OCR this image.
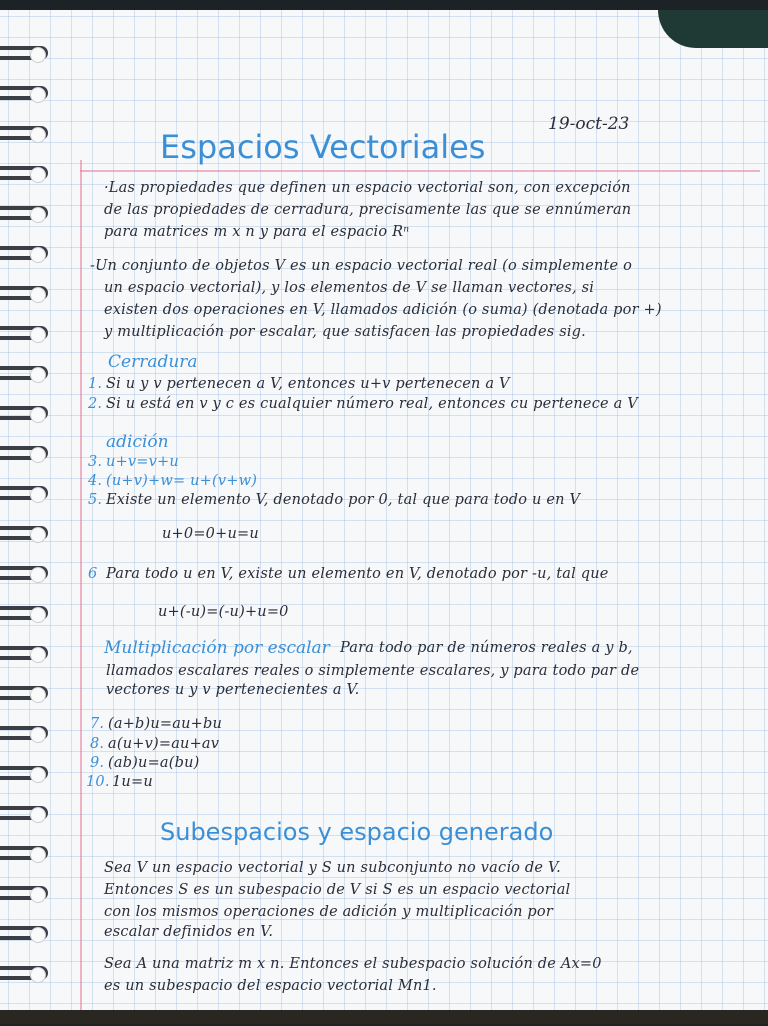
19-oct-23
Espacios Vectoriales
·Las propiedades que definen un espacio vectorial son, con excepción
de las propiedades de cerradura, precisamente las que se ennúmeran
para matrices m x n y para el espacio Rⁿ
-Un conjunto de objetos V es un espacio vectorial real (o simplemente o
un espacio vectorial), y los elementos de V se llaman vectores, si
existen dos operaciones en V, llamados adición (o suma) (denotada por +)
y multiplicación por escalar, que satisfacen las propiedades sig.
Cerradura
1. Si u y v pertenecen a V, entonces u+v pertenecen a V
2. Si u está en v y c es cualquier número real, entonces cu pertenece a V
adición
3. u+v=v+u
4. (u+v)+w= u+(v+w)
5. Existe un elemento V, denotado por 0, tal que para todo u en V
u+0=0+u=u
6 Para todo u en V, existe un elemento en V, denotado por -u, tal que
u+(-u)=(-u)+u=0
Multiplicación por escalar Para todo par de números reales a y b,
llamados escalares reales o simplemente escalares, y para todo par de
vectores u y v pertenecientes a V.
7. (a+b)u=au+bu
8. a(u+v)=au+av
9. (ab)u=a(bu)
10. 1u=u
Subespacios y espacio generado
Sea V un espacio vectorial y S un subconjunto no vacío de V.
Entonces S es un subespacio de V si S es un espacio vectorial
con los mismos operaciones de adición y multiplicación por
escalar definidos en V.
Sea A una matriz m x n. Entonces el subespacio solución de Ax=0
es un subespacio del espacio vectorial Mn1.
